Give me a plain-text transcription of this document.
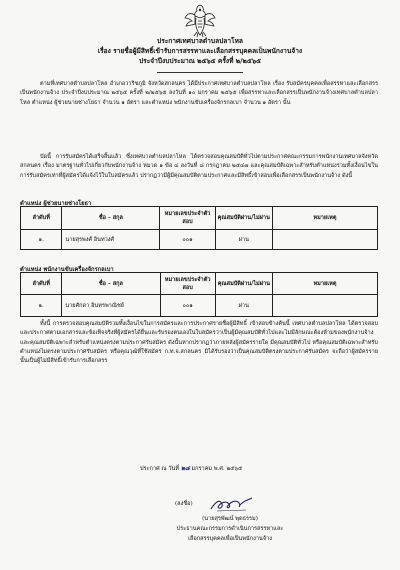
ประกาศเทศบาลตำบลปลาโหล
เรื่อง รายชื่อผู้มีสิทธิ์เข้ารับการสรรหาและเลือกสรรบุคคลเป็นพนักงานจ้าง
ประจำปีงบประมาณ ๒๕๖๕ ครั้งที่ ๒/๒๕๖๕
ตามที่เทศบาลตำบลปลาโหล อำเภอวาริชภูมิ จังหวัดสกลนคร ได้มีประกาศเทศบาลตำบลปลาโหล เรื่อง รับสมัครบุคคลเพื่อสรรหาและเลือกสรรเป็นพนักงานจ้าง ประจำปีงบประมาณ ๒๕๖๕ ครั้งที่ ๒/๒๕๖๕ ลงวันที่ ๑๐ มกราคม ๒๕๖๕ เพื่อสรรหาและเลือกสรรเป็นพนักงานจ้างเทศบาลตำบลปลาโหล ตำแหน่ง ผู้ช่วยนายช่างโยธา จำนวน ๑ อัตรา และตำแหน่ง พนักงานขับเครื่องจักรกลเบา จำนวน ๑ อัตรา นั้น
บัดนี้ การรับสมัครได้เสร็จสิ้นแล้ว ซึ่งเทศบาลตำบลปลาโหล ได้ตรวจสอบคุณสมบัติทั่วไปตามประกาศคณะกรรมการพนักงานเทศบาลจังหวัดสกลนคร เรื่อง มาตรฐานทั่วไปเกี่ยวกับพนักงานจ้าง หมวด ๑ ข้อ ๔ ลงวันที่ ๘ กรกฎาคม ๒๕๔๗ และคุณสมบัติเฉพาะสำหรับตำแหน่งรวมทั้งเงื่อนไขในการรับสมัครเท่าที่ผู้สมัครได้แจ้งไว้ในใบสมัครแล้ว ปรากฏว่ามีผู้มีคุณสมบัติตามประกาศและมีสิทธิ์เข้าสอบเพื่อเลือกสรรเป็นพนักงานจ้าง ดังนี้
ตำแหน่ง ผู้ช่วยนายช่างโยธา
ลำดับที่	ชื่อ – สกุล	หมายเลขประจำตัวสอบ	คุณสมบัติผ่าน/ไม่ผ่าน	หมายเหตุ
๑.	นายสุรพงศ์ อินทวงศ์	๐๐๑	ผ่าน	
ตำแหน่ง พนักงานขับเครื่องจักรกลเบา
ลำดับที่	ชื่อ – สกุล	หมายเลขประจำตัวสอบ	คุณสมบัติผ่าน/ไม่ผ่าน	หมายเหตุ
๑.	นายศักดา อินทรพาณิชย์	๐๐๑	ผ่าน	
ทั้งนี้ การตรวจสอบคุณสมบัติรวมทั้งเงื่อนไขในการสมัครและการประกาศรายชื่อผู้มีสิทธิ์ เข้าสอบข้างต้นนี้ เทศบาลตำบลปลาโหล ได้ตรวจสอบและประกาศตามเอกสารและข้อเท็จจริงที่ผู้สมัครได้ยื่นและรับรองตนเองในใบสมัครว่าเป็นผู้มีคุณสมบัติทั่วไปและไม่มีลักษณะต้องห้ามของพนักงานจ้างและคุณสมบัติเฉพาะสำหรับตำแหน่งตรงตามประกาศรับสมัคร ดังนั้นหากปรากฏว่าภายหลังผู้สมัครรายใด มีคุณสมบัติทั่วไป หรือคุณสมบัติเฉพาะสำหรับตำแหน่งไม่ตรงตามประกาศรับสมัคร หรือคุณวุฒิที่ใช้สมัคร ก.ท.จ.สกลนคร มิได้รับรองว่าเป็นคุณสมบัติตรงตามประกาศรับสมัคร จะถือว่าผู้สมัครรายนั้นเป็นผู้ไม่มีสิทธิ์เข้ารับการเลือกสรร
ประกาศ ณ วันที่ ๒๘ มกราคม พ.ศ. ๒๕๖๕
(ลงชื่อ)
(นายสุรพัฒน์ พุดธรรม)
ประธานคณะกรรมการดำเนินการสรรหาและ
เลือกสรรบุคคลเพื่อเป็นพนักงานจ้าง
